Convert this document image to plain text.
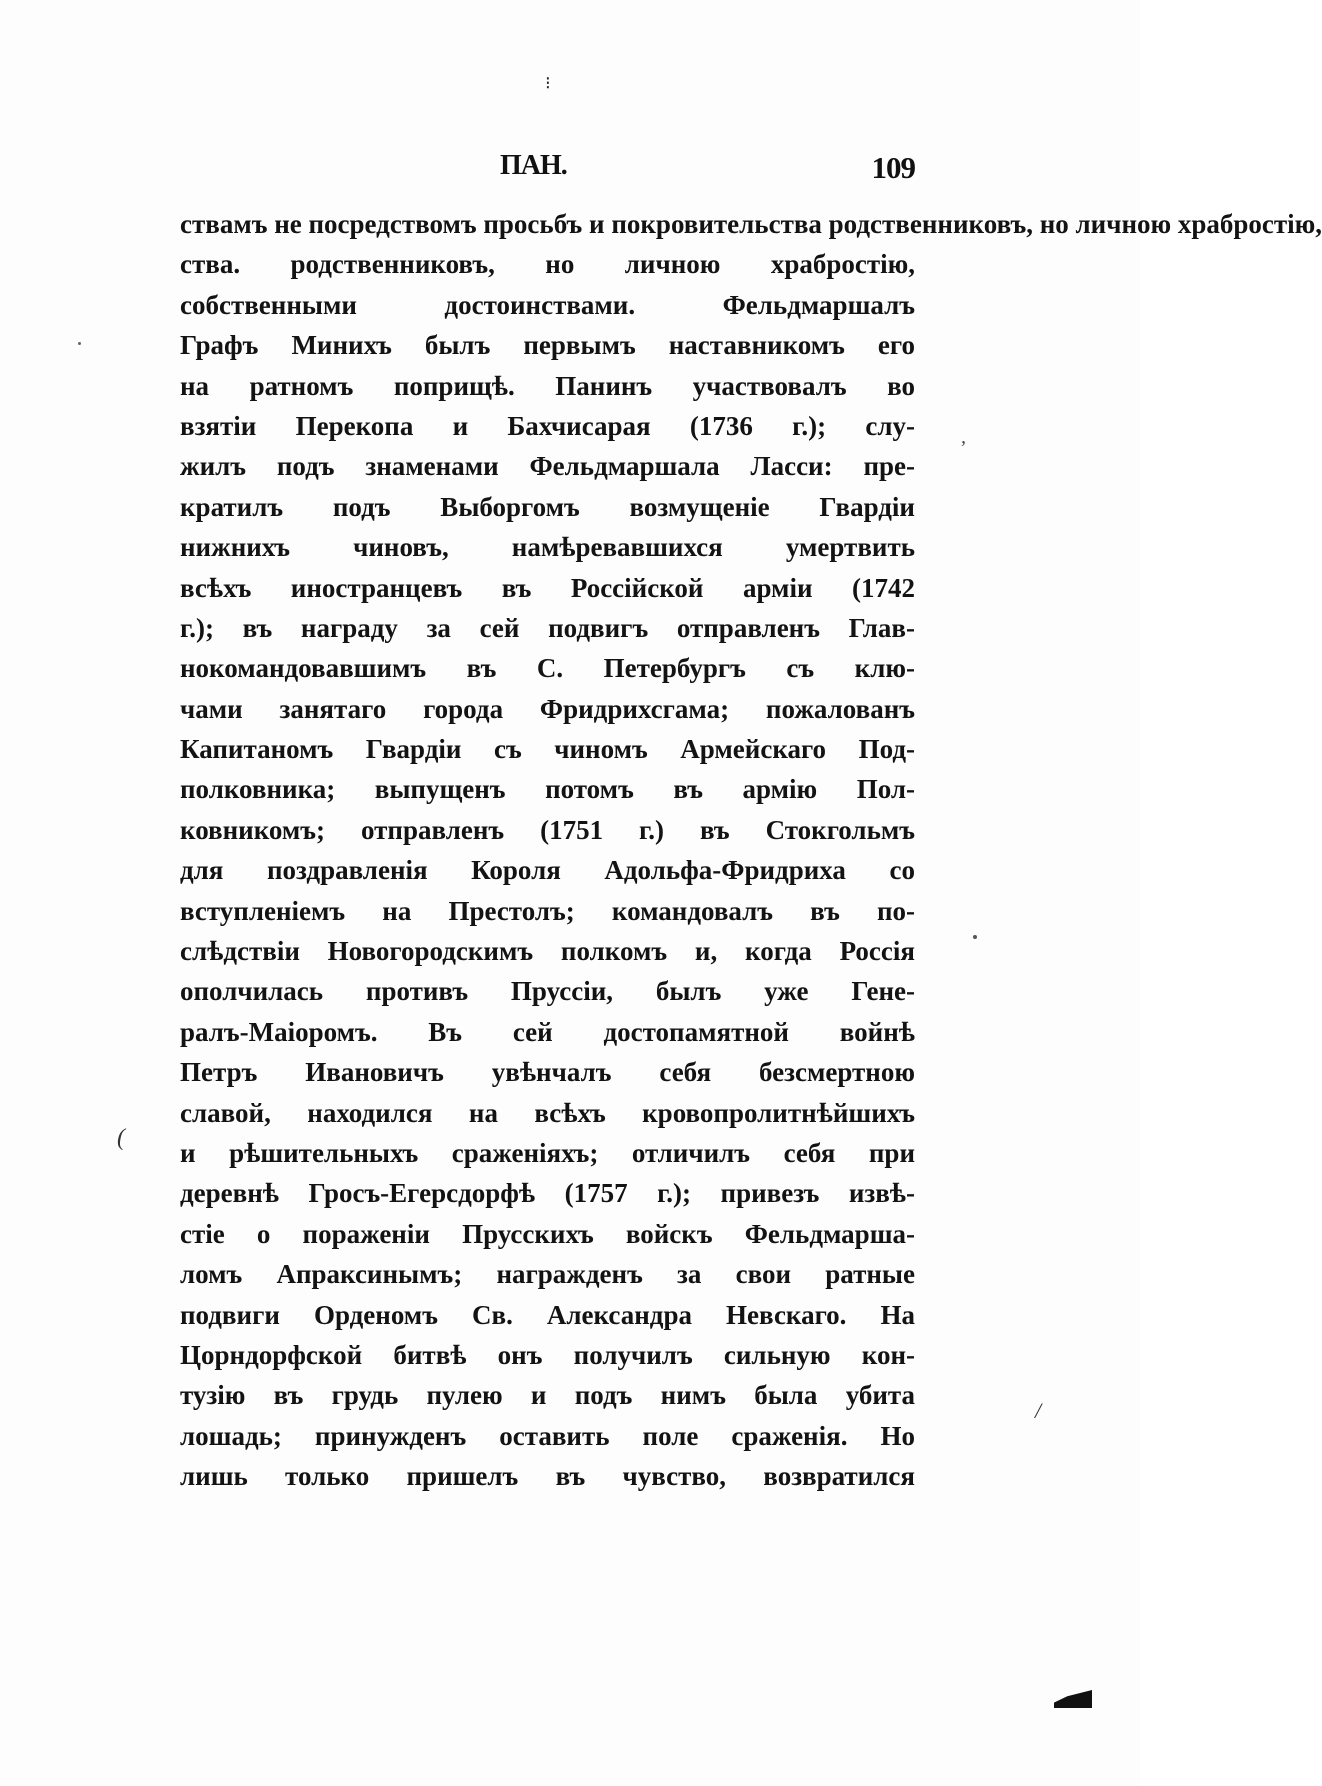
⁝
(
/
,
ПАН.	109
ствамъ не посредствомъ просьбъ и покровительства родственниковъ, но личною храбростію,
ства. родственниковъ, но личною храбростію,
собственными достоинствами. Фельдмаршалъ
Графъ Минихъ былъ первымъ наставникомъ его
на ратномъ поприщѣ. Панинъ участвовалъ во
взятіи Перекопа и Бахчисарая (1736 г.); слу-
жилъ подъ знаменами Фельдмаршала Ласси: пре-
кратилъ подъ Выборгомъ возмущеніе Гвардіи
нижнихъ чиновъ, намѣревавшихся умертвить
всѣхъ иностранцевъ въ Россійской арміи (1742
г.); въ награду за сей подвигъ отправленъ Глав-
нокомандовавшимъ въ С. Петербургъ съ клю-
чами занятаго города Фридрихсгама; пожалованъ
Капитаномъ Гвардіи съ чиномъ Армейскаго Под-
полковника; выпущенъ потомъ въ армію Пол-
ковникомъ; отправленъ (1751 г.) въ Стокгольмъ
для поздравленія Короля Адольфа-Фридриха со
вступленіемъ на Престолъ; командовалъ въ по-
слѣдствіи Новогородскимъ полкомъ и, когда Россія
ополчилась противъ Пруссіи, былъ уже Гене-
ралъ-Маіоромъ. Въ сей достопамятной войнѣ
Петръ Ивановичъ увѣнчалъ себя безсмертною
славой, находился на всѣхъ кровопролитнѣйшихъ
и рѣшительныхъ сраженіяхъ; отличилъ себя при
деревнѣ Гросъ-Егерсдорфѣ (1757 г.); привезъ извѣ-
стіе о пораженіи Прусскихъ войскъ Фельдмарша-
ломъ Апраксинымъ; награжденъ за свои ратные
подвиги Орденомъ Св. Александра Невскаго. На
Цорндорфской битвѣ онъ получилъ сильную кон-
тузію въ грудь пулею и подъ нимъ была убита
лошадь; принужденъ оставить поле сраженія. Но
лишь только пришелъ въ чувство, возвратился
